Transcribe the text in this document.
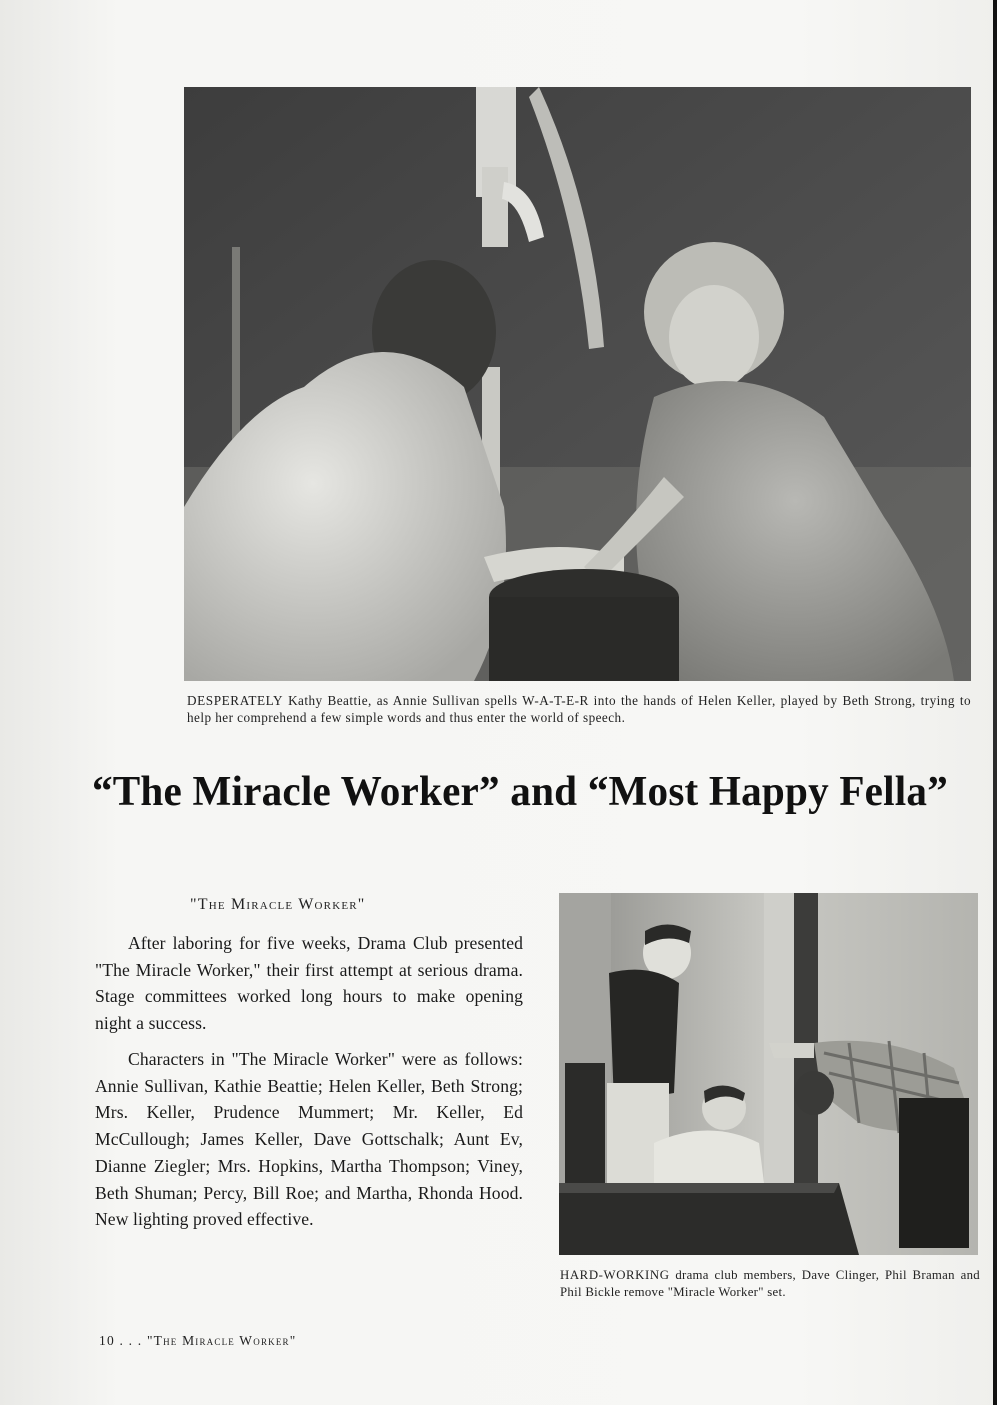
DESPERATELY Kathy Beattie, as Annie Sullivan spells W-A-T-E-R into the hands of Helen Keller, played by Beth Strong, trying to help her comprehend a few simple words and thus enter the world of speech.
“The Miracle Worker” and “Most Happy Fella”
"The Miracle Worker"

After laboring for five weeks, Drama Club presented "The Miracle Worker," their first attempt at serious drama. Stage committees worked long hours to make opening night a success.

Characters in "The Miracle Worker" were as follows: Annie Sullivan, Kathie Beattie; Helen Keller, Beth Strong; Mrs. Keller, Prudence Mummert; Mr. Keller, Ed McCullough; James Keller, Dave Gottschalk; Aunt Ev, Dianne Ziegler; Mrs. Hopkins, Martha Thompson; Viney, Beth Shuman; Percy, Bill Roe; and Martha, Rhonda Hood. New lighting proved effective.

HARD-WORKING drama club members, Dave Clinger, Phil Braman and Phil Bickle remove "Miracle Worker" set.
10 . . . "The Miracle Worker"
